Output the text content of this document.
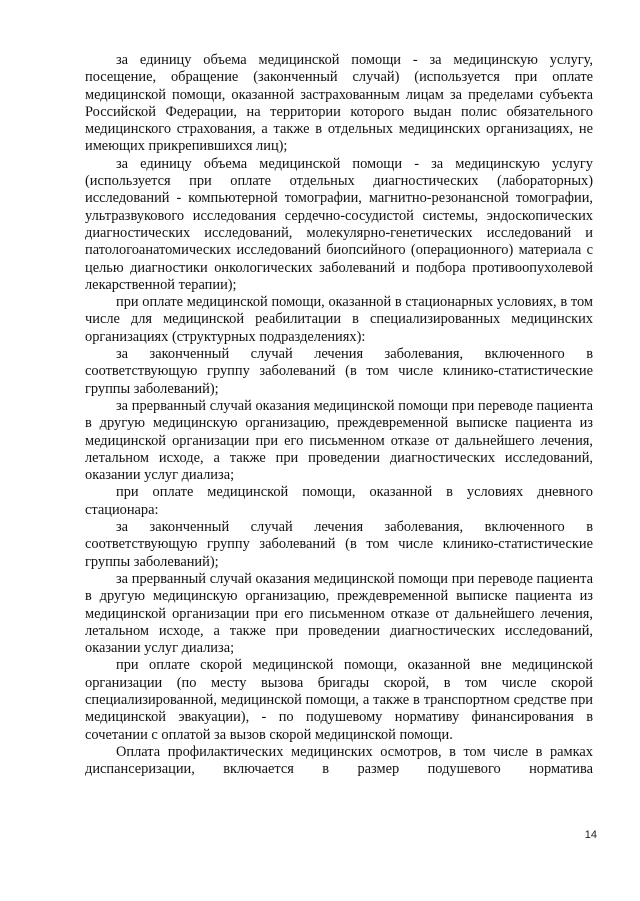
за единицу объема медицинской помощи - за медицинскую услугу, посещение, обращение (законченный случай) (используется при оплате медицинской помощи, оказанной застрахованным лицам за пределами субъекта Российской Федерации, на территории которого выдан полис обязательного медицинского страхования, а также в отдельных медицинских организациях, не имеющих прикрепившихся лиц);

за единицу объема медицинской помощи - за медицинскую услугу (используется при оплате отдельных диагностических (лабораторных) исследований - компьютерной томографии, магнитно-резонансной томографии, ультразвукового исследования сердечно-сосудистой системы, эндоскопических диагностических исследований, молекулярно-генетических исследований и патологоанатомических исследований биопсийного (операционного) материала с целью диагностики онкологических заболеваний и подбора противоопухолевой лекарственной терапии);

при оплате медицинской помощи, оказанной в стационарных условиях, в том числе для медицинской реабилитации в специализированных медицинских организациях (структурных подразделениях):

за законченный случай лечения заболевания, включенного в соответствующую группу заболеваний (в том числе клинико-статистические группы заболеваний);

за прерванный случай оказания медицинской помощи при переводе пациента в другую медицинскую организацию, преждевременной выписке пациента из медицинской организации при его письменном отказе от дальнейшего лечения, летальном исходе, а также при проведении диагностических исследований, оказании услуг диализа;

при оплате медицинской помощи, оказанной в условиях дневного стационара:

за законченный случай лечения заболевания, включенного в соответствующую группу заболеваний (в том числе клинико-статистические группы заболеваний);

за прерванный случай оказания медицинской помощи при переводе пациента в другую медицинскую организацию, преждевременной выписке пациента из медицинской организации при его письменном отказе от дальнейшего лечения, летальном исходе, а также при проведении диагностических исследований, оказании услуг диализа;

при оплате скорой медицинской помощи, оказанной вне медицинской организации (по месту вызова бригады скорой, в том числе скорой специализированной, медицинской помощи, а также в транспортном средстве при медицинской эвакуации), - по подушевому нормативу финансирования в сочетании с оплатой за вызов скорой медицинской помощи.

Оплата профилактических медицинских осмотров, в том числе в рамках диспансеризации, включается в размер подушевого норматива

14
